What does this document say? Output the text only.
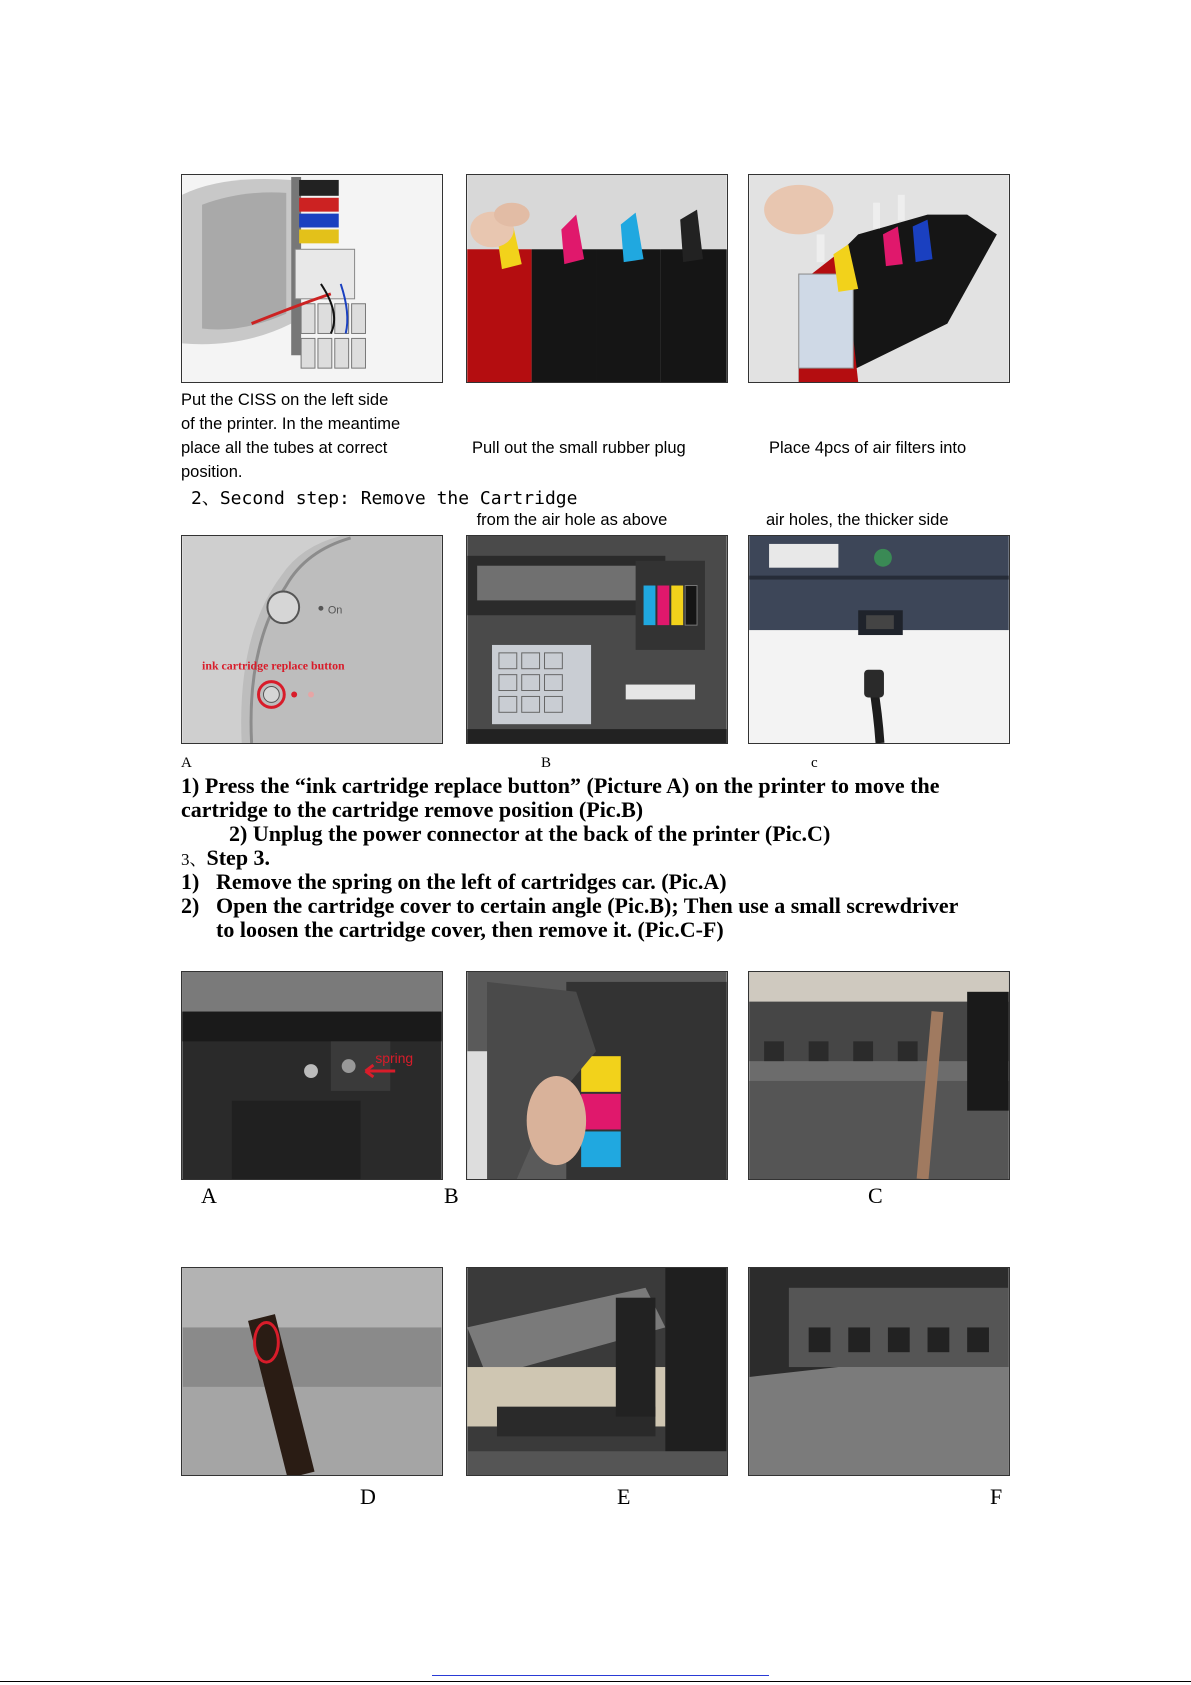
Put the CISS on the left side
of the printer. In the meantime
place all the tubes at correct
position.

Pull out the small rubber plug

from the air hole as above

Place 4pcs of air filters into

air holes, the thicker side

2、Second step: Remove the Cartridge
On
ink cartridge replace button
A	B	c
1) Press the “ink cartridge replace button” (Picture A) on the printer to move the
cartridge to the cartridge remove position (Pic.B)
2) Unplug the power connector at the back of the printer (Pic.C)
3、Step 3.
1) Remove the spring on the left of cartridges car. (Pic.A)
2) Open the cartridge cover to certain angle (Pic.B); Then use a small screwdriver
to loosen the cartridge cover, then remove it. (Pic.C-F)
spring
A	B	C
D	E	F
